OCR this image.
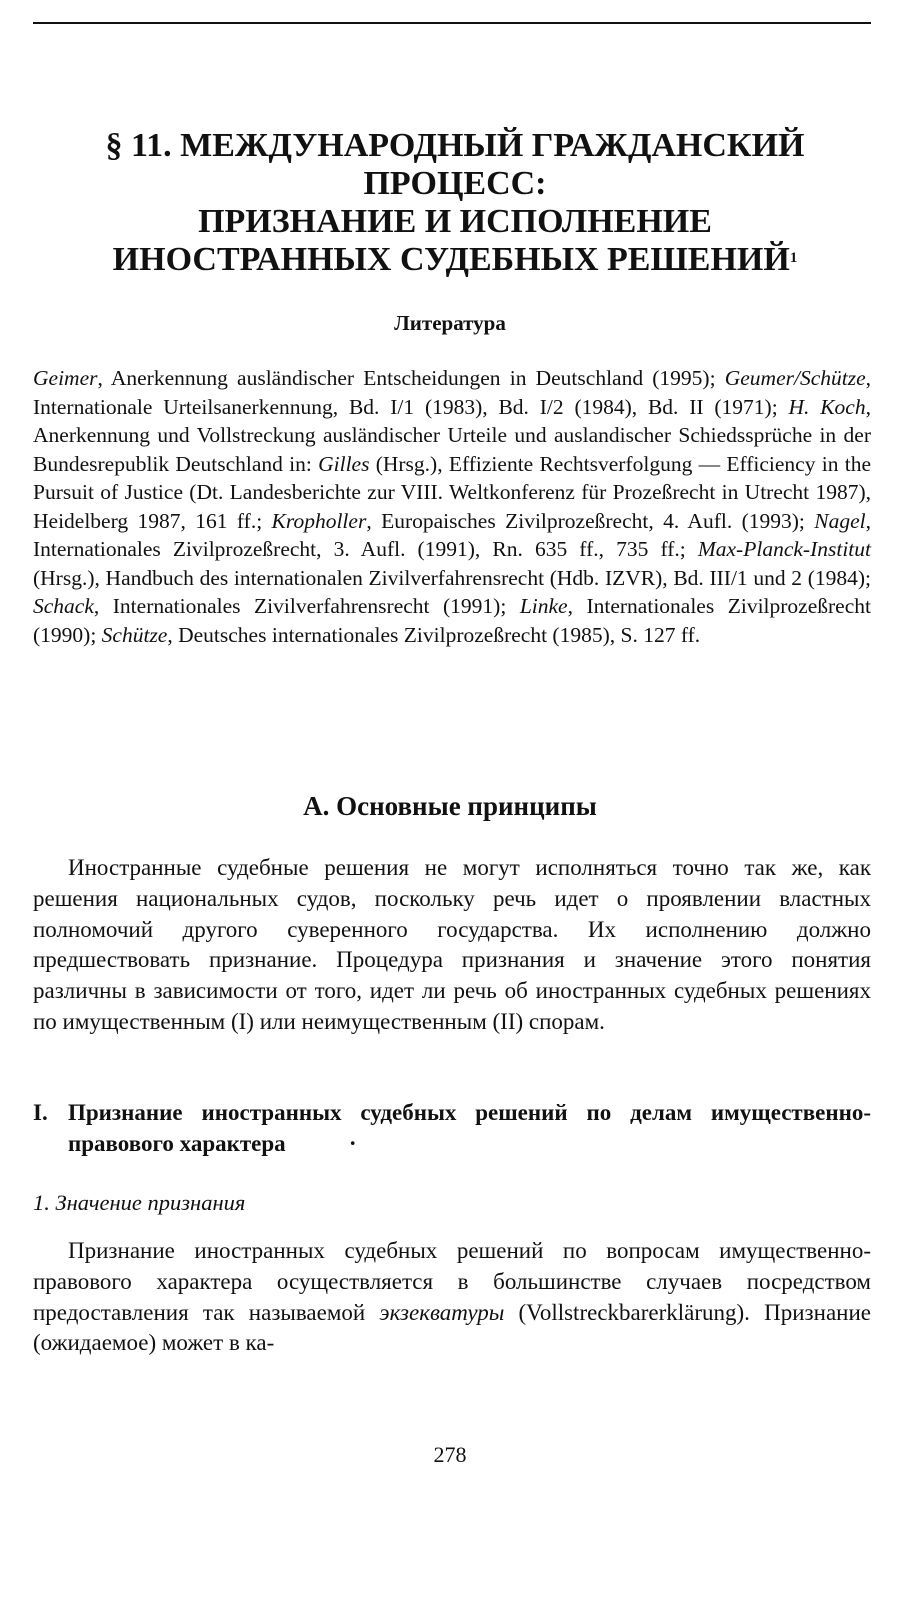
§ 11. МЕЖДУНАРОДНЫЙ ГРАЖДАНСКИЙ
ПРОЦЕСС:
ПРИЗНАНИЕ И ИСПОЛНЕНИЕ
ИНОСТРАННЫХ СУДЕБНЫХ РЕШЕНИЙ$^1$
Литература

Geimer, Anerkennung ausländischer Entscheidungen in Deutschland (1995); Geumer/Schütze, Internationale Urteilsanerkennung, Bd. I/1 (1983), Bd. I/2 (1984), Bd. II (1971); H. Koch, Anerkennung und Vollstreckung ausländischer Urteile und auslandischer Schiedssprüche in der Bundesrepublik Deutschland in: Gilles (Hrsg.), Effiziente Rechtsverfolgung — Efficiency in the Pursuit of Justice (Dt. Landesberichte zur VIII. Weltkonferenz für Prozeßrecht in Utrecht 1987), Heidelberg 1987, 161 ff.; Kropholler, Europaisches Zivilprozeßrecht, 4. Aufl. (1993); Nagel, Internationales Zivilprozeßrecht, 3. Aufl. (1991), Rn. 635 ff., 735 ff.; Max-Planck-Institut (Hrsg.), Handbuch des internationalen Zivilverfahrensrecht (Hdb. IZVR), Bd. III/1 und 2 (1984); Schack, Internationales Zivilverfahrensrecht (1991); Linke, Internationales Zivilprozeßrecht (1990); Schütze, Deutsches internationales Zivilprozeßrecht (1985), S. 127 ff.

A. Основные принципы

Иностранные судебные решения не могут исполняться точно так же, как решения национальных судов, поскольку речь идет о проявлении властных полномочий другого суверенного государства. Их исполнению должно предшествовать признание. Процедура признания и значение этого понятия различны в зависимости от того, идет ли речь об иностранных судебных решениях по имущественным (I) или неимущественным (II) спорам.

I. Признание иностранных судебных решений по делам имущественно-правового характера	·
1. Значение признания

Признание иностранных судебных решений по вопросам имущественно-правового характера осуществляется в большинстве случаев посредством предоставления так называемой экзекватуры (Vollstreckbarerklärung). Признание (ожидаемое) может в ка-

278
